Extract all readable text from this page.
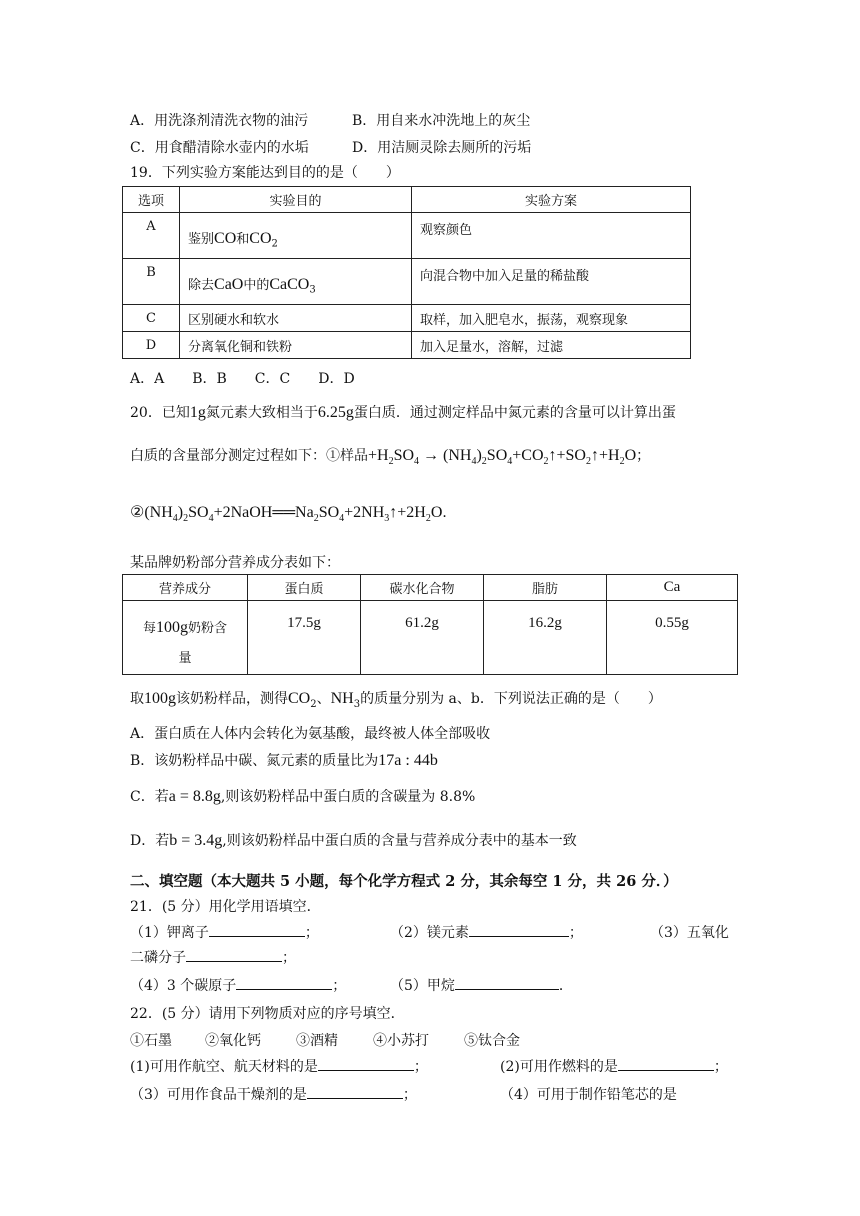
A．用洗涤剂清洗衣物的油污	B．用自来水冲洗地上的灰尘
C．用食醋清除水壶内的水垢	D．用洁厕灵除去厕所的污垢
19．下列实验方案能达到目的的是（　　）
选项	实验目的	实验方案
A	鉴别CO和$CO_2$	观察颜色
B	除去CaO中的CaCO$_3$	向混合物中加入足量的稀盐酸
C	区别硬水和软水	取样，加入肥皂水，振荡，观察现象
D	分离氧化铜和铁粉	加入足量水，溶解，过滤
A．A　　B．B　　C．C　　D．D
20．已知1g氮元素大致相当于6.25g蛋白质．通过测定样品中氮元素的含量可以计算出蛋
白质的含量部分测定过程如下：①样品$+H_2SO_4$ → $(NH_4)_2SO_4+CO_2↑+SO_2↑+H_2O$；
$②(NH_4)_2SO_4+2NaOH══Na_2SO_4+2NH_3↑+2H_2O$．
某品牌奶粉部分营养成分表如下：
营养成分	蛋白质	碳水化合物	脂肪	Ca
每100g奶粉含
量	17.5g	61.2g	16.2g	0.55g
取100g该奶粉样品，测得$CO_2$、$NH_3$的质量分别为 a、b．下列说法正确的是（　　）
A．蛋白质在人体内会转化为氨基酸，最终被人体全部吸收
B．该奶粉样品中碳、氮元素的质量比为17a : 44b
C．若a = 8.8g,则该奶粉样品中蛋白质的含碳量为 8.8%
D．若b = 3.4g,则该奶粉样品中蛋白质的含量与营养成分表中的基本一致
二、填空题（本大题共 5 小题，每个化学方程式 2 分，其余每空 1 分，共 26 分．）
21．(5 分）用化学用语填空．
（1）钾离子	；	（2）镁元素	；	（3）五氧化
二磷分子	；
（4）3 个碳原子	；	（5）甲烷	．
22．(5 分）请用下列物质对应的序号填空．
①石墨 ②氧化钙	③酒精	④小苏打	⑤钛合金
(1)可用作航空、航天材料的是	；	(2)可用作燃料的是	；
（3）可用作食品干燥剂的是	；	（4）可用于制作铅笔芯的是
